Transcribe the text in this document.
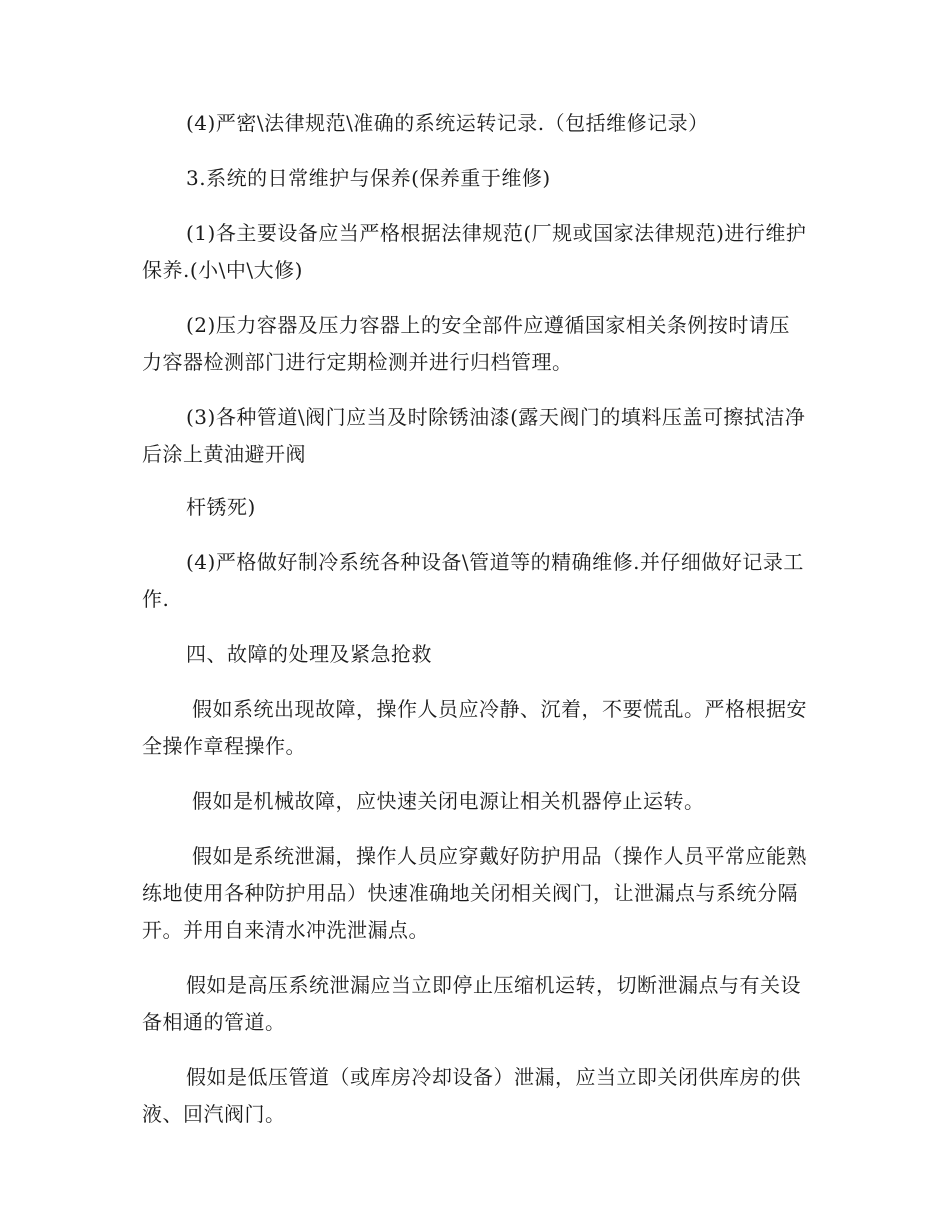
(4)严密\法律规范\准确的系统运转记录.（包括维修记录）

3.系统的日常维护与保养(保养重于维修)

(1)各主要设备应当严格根据法律规范(厂规或国家法律规范)进行维护保养.(小\中\大修)

(2)压力容器及压力容器上的安全部件应遵循国家相关条例按时请压力容器检测部门进行定期检测并进行归档管理。

(3)各种管道\阀门应当及时除锈油漆(露天阀门的填料压盖可擦拭洁净后涂上黄油避开阀

杆锈死)

(4)严格做好制冷系统各种设备\管道等的精确维修.并仔细做好记录工作.

四、故障的处理及紧急抢救

假如系统出现故障，操作人员应冷静、沉着，不要慌乱。严格根据安全操作章程操作。

假如是机械故障，应快速关闭电源让相关机器停止运转。

假如是系统泄漏，操作人员应穿戴好防护用品（操作人员平常应能熟练地使用各种防护用品）快速准确地关闭相关阀门，让泄漏点与系统分隔开。并用自来清水冲洗泄漏点。

假如是高压系统泄漏应当立即停止压缩机运转，切断泄漏点与有关设备相通的管道。

假如是低压管道（或库房冷却设备）泄漏，应当立即关闭供库房的供液、回汽阀门。
